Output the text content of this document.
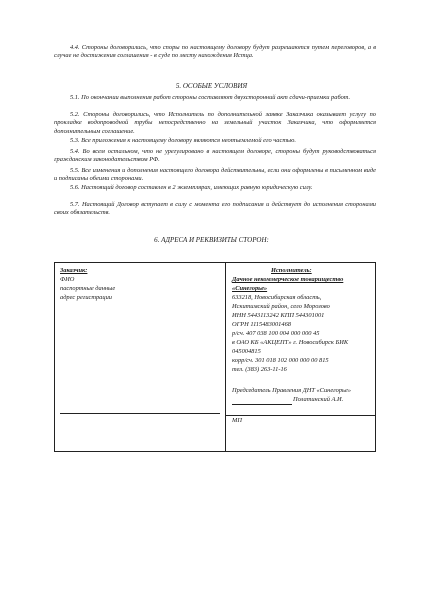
4.4. Стороны договорились, что споры по настоящему договору будут разрешаются путем переговоров, а в случае не достижения соглашения - в суде по месту нахождения Истца.

5. ОСОБЫЕ УСЛОВИЯ

5.1. По окончании выполнения работ стороны составляют двухсторонний акт сдачи-приемки работ.

5.2. Стороны договорились, что Исполнитель по дополнительной заявке Заказчика оказывает услугу по прокладке водопроводной трубы непосредственно на земельный участок Заказчика, что оформляется дополнительным соглашение.

5.3. Все приложения к настоящему договору являются неотъемлемой его частью.

5.4. Во всем остальном, что не урегулировано в настоящем договоре, стороны будут руководствоваться гражданским законодательством РФ.

5.5. Все изменения и дополнения настоящего договора действительны, если они оформлены в письменном виде и подписаны обеими сторонами.

5.6. Настоящий договор составлен в 2 экземплярах, имеющих равную юридическую силу.

5.7. Настоящий Договор вступает в силу с момента его подписания и действует до исполнения сторонами своих обязательств.

6. АДРЕСА И РЕКВИЗИТЫ СТОРОН:

Заказчик:

ФИО

паспортные данные

адрес регистрации

Исполнитель:

Дачное некоммерческое товарищество

«Синегорье»

633218, Новосибирская область,

Искитимский район, село Морозово

ИНН 5443113242 КПП 544301001

ОГРН 1115483001468

р/сч. 407 038 100 004 000 000 45

в ОАО КБ «АКЦЕПТ» г. Новосибирск БИК

045004815

корр/сч. 301 018 102 000 000 00 815

тел. (383) 263-11-16

Председатель Правления ДНТ «Синегорье»

Полатинский А.И.

МП
